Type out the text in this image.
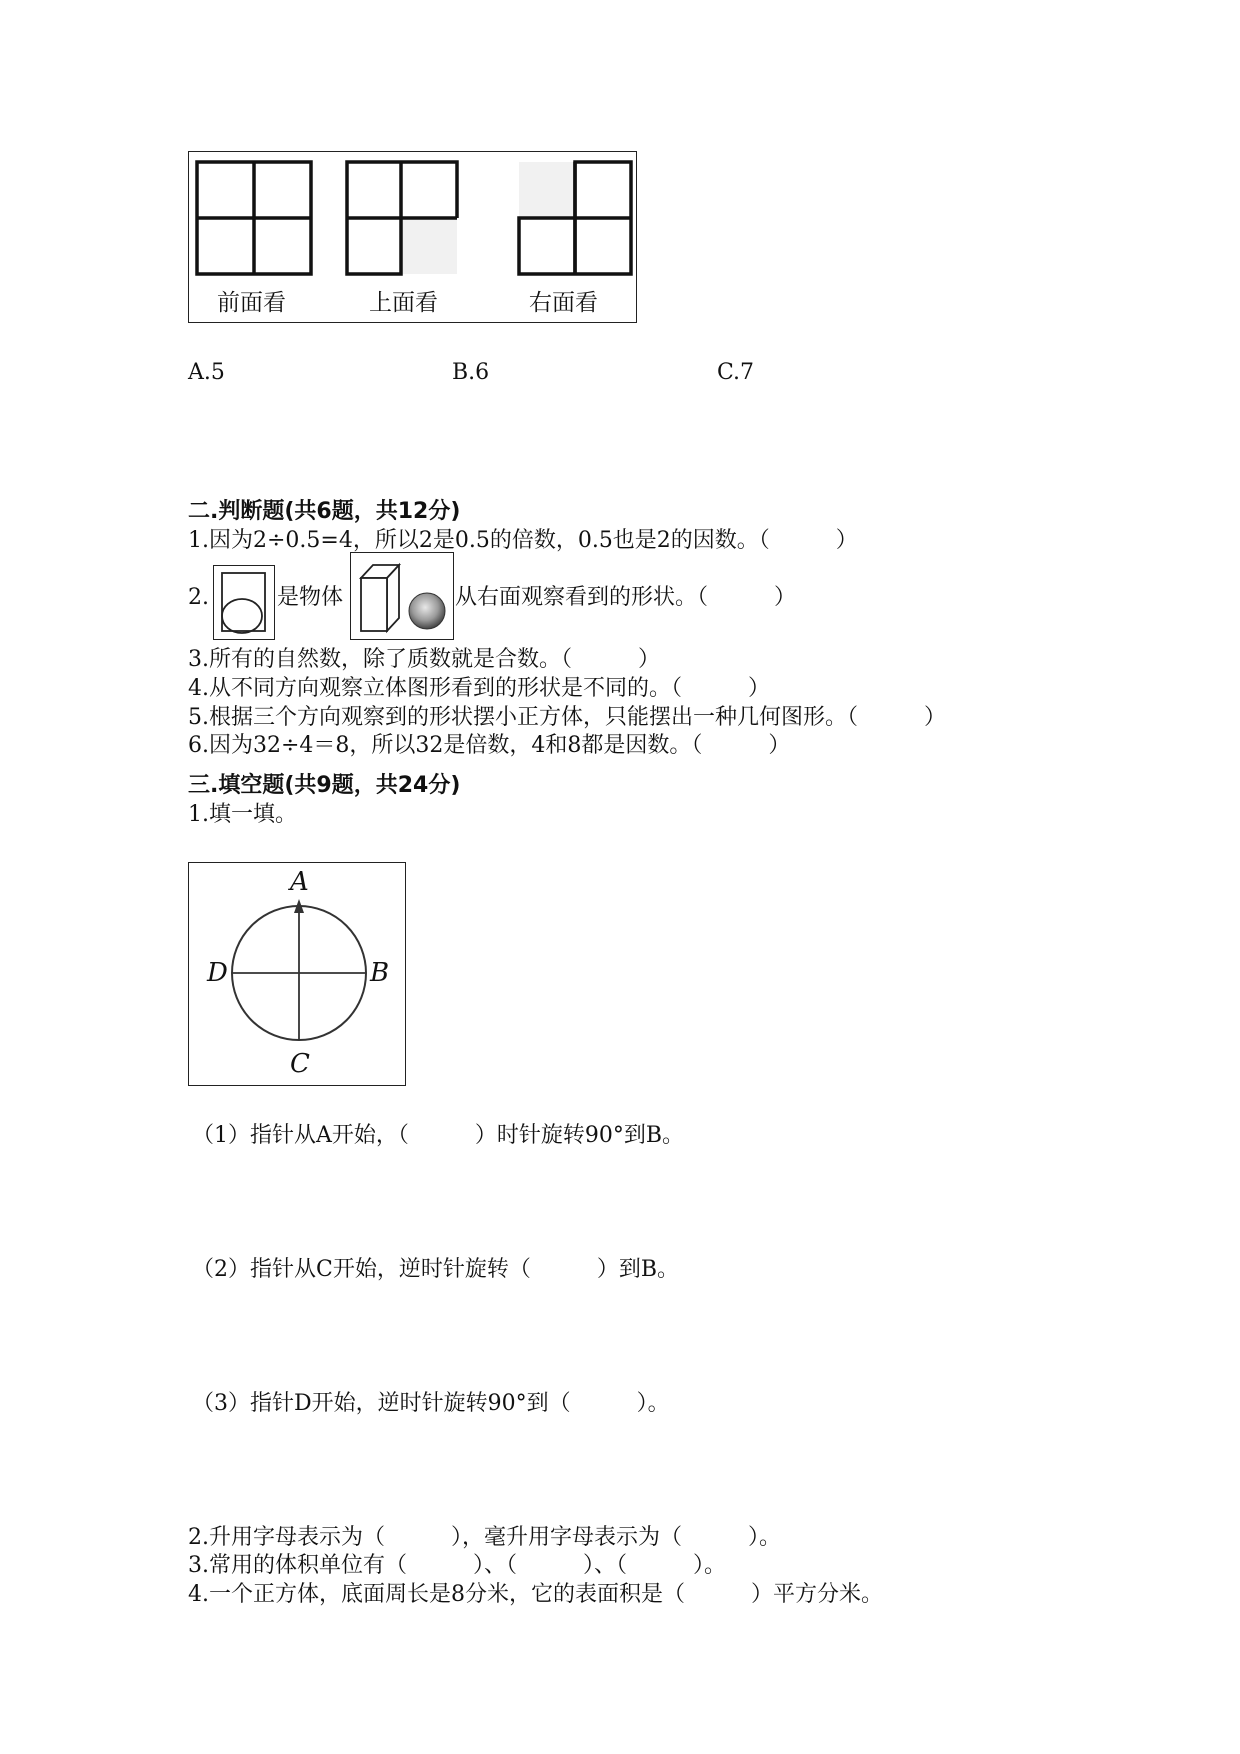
前面看	上面看	右面看
A.5	B.6	C.7
二.判断题(共6题，共12分)
1.因为2÷0.5=4，所以2是0.5的倍数，0.5也是2的因数。（　　　）
2.	是物体	从右面观察看到的形状。（　　　）
3.所有的自然数，除了质数就是合数。（　　　）
4.从不同方向观察立体图形看到的形状是不同的。（　　　）
5.根据三个方向观察到的形状摆小正方体，只能摆出一种几何图形。（　　　）
6.因为32÷4＝8，所以32是倍数，4和8都是因数。（　　　）
三.填空题(共9题，共24分)
1.填一填。
A
B
C
D
（1）指针从A开始，（　　　）时针旋转90°到B。
（2）指针从C开始，逆时针旋转（　　　）到B。
（3）指针D开始，逆时针旋转90°到（　　　）。
2.升用字母表示为（　　　），毫升用字母表示为（　　　）。
3.常用的体积单位有（　　　）、（　　　）、（　　　）。
4.一个正方体，底面周长是8分米，它的表面积是（　　　）平方分米。
